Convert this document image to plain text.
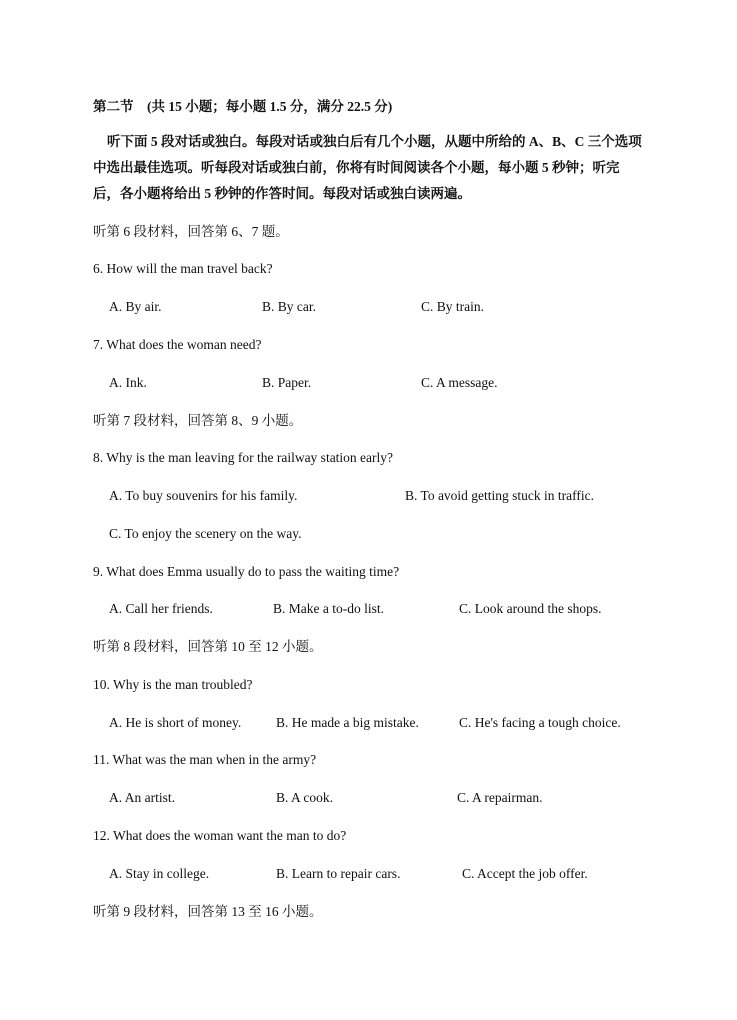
第二节　(共 15 小题；每小题 1.5 分，满分 22.5 分)
听下面 5 段对话或独白。每段对话或独白后有几个小题，从题中所给的 A、B、C 三个选项中选出最佳选项。听每段对话或独白前，你将有时间阅读各个小题，每小题 5 秒钟；听完后，各小题将给出 5 秒钟的作答时间。每段对话或独白读两遍。
听第 6 段材料，回答第 6、7 题。
6. How will the man travel back?
A. By air.	B. By car.	C. By train.
7. What does the woman need?
A. Ink.	B. Paper.	C. A message.
听第 7 段材料，回答第 8、9 小题。
8. Why is the man leaving for the railway station early?
A. To buy souvenirs for his family.	B. To avoid getting stuck in traffic.
C. To enjoy the scenery on the way.
9. What does Emma usually do to pass the waiting time?
A. Call her friends.	B. Make a to-do list.	C. Look around the shops.
听第 8 段材料，回答第 10 至 12 小题。
10. Why is the man troubled?
A. He is short of money.	B. He made a big mistake.	C. He's facing a tough choice.
11. What was the man when in the army?
A. An artist.	B. A cook.	C. A repairman.
12. What does the woman want the man to do?
A. Stay in college.	B. Learn to repair cars.	C. Accept the job offer.
听第 9 段材料，回答第 13 至 16 小题。
